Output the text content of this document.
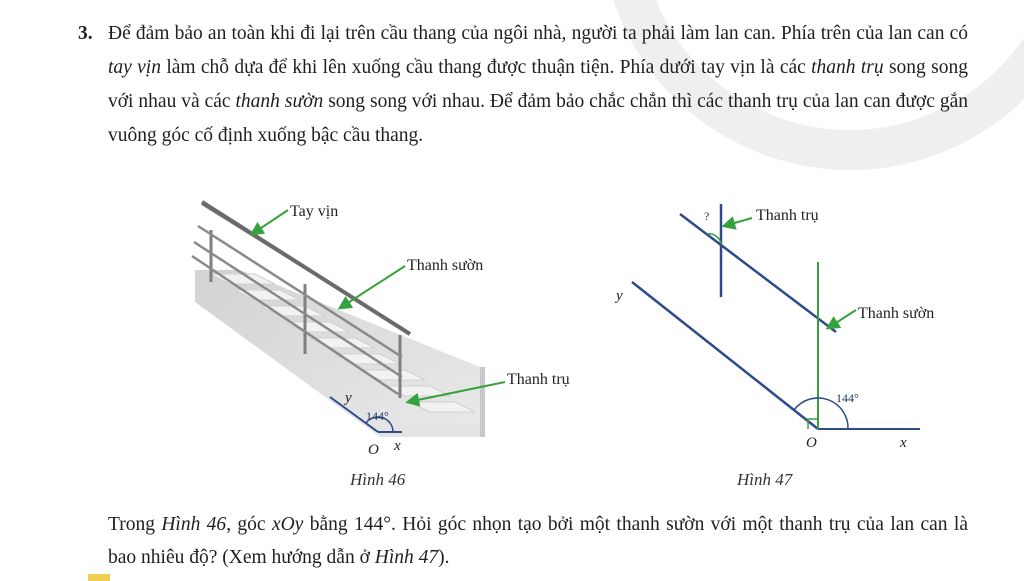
3. Để đảm bảo an toàn khi đi lại trên cầu thang của ngôi nhà, người ta phải làm lan can. Phía trên của lan can có tay vịn làm chỗ dựa để khi lên xuống cầu thang được thuận tiện. Phía dưới tay vịn là các thanh trụ song song với nhau và các thanh sườn song song với nhau. Để đảm bảo chắc chắn thì các thanh trụ của lan can được gắn vuông góc cố định xuống bậc cầu thang.
144°
y
O x
Tay vịn
Thanh sườn
Thanh trụ
Hình 46
144°
y
O	x
?	Thanh trụ
Thanh sườn
Hình 47
Trong Hình 46, góc xOy bằng 144°. Hỏi góc nhọn tạo bởi một thanh sườn với một thanh trụ của lan can là bao nhiêu độ? (Xem hướng dẫn ở Hình 47).
